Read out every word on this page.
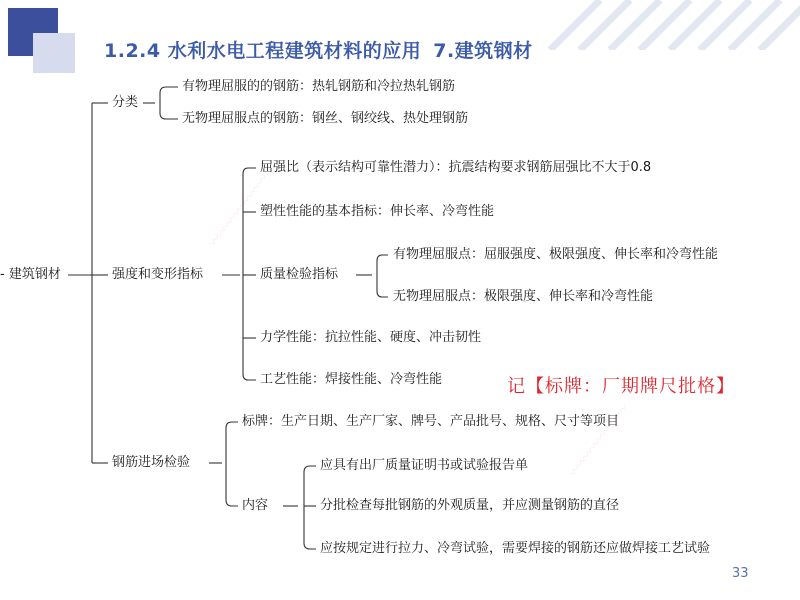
1.2.4 水利水电工程建筑材料的应用 7.建筑钢材
- 建筑钢材
分类
有物理屈服的的钢筋：热轧钢筋和冷拉热轧钢筋
无物理屈服点的钢筋：钢丝、钢绞线、热处理钢筋
强度和变形指标
屈强比（表示结构可靠性潜力）：抗震结构要求钢筋屈强比不大于0.8
塑性性能的基本指标：伸长率、冷弯性能
质量检验指标
有物理屈服点：屈服强度、极限强度、伸长率和冷弯性能
无物理屈服点：极限强度、伸长率和冷弯性能
力学性能：抗拉性能、硬度、冲击韧性
工艺性能：焊接性能、冷弯性能
钢筋进场检验
标牌：生产日期、生产厂家、牌号、产品批号、规格、尺寸等项目
内容
应具有出厂质量证明书或试验报告单
分批检查每批钢筋的外观质量，并应测量钢筋的直径
应按规定进行拉力、冷弯试验，需要焊接的钢筋还应做焊接工艺试验
记【标牌：厂期牌尺批格】
〰〰〰〰〰〰〰〰
〰〰〰〰〰〰〰〰
33
